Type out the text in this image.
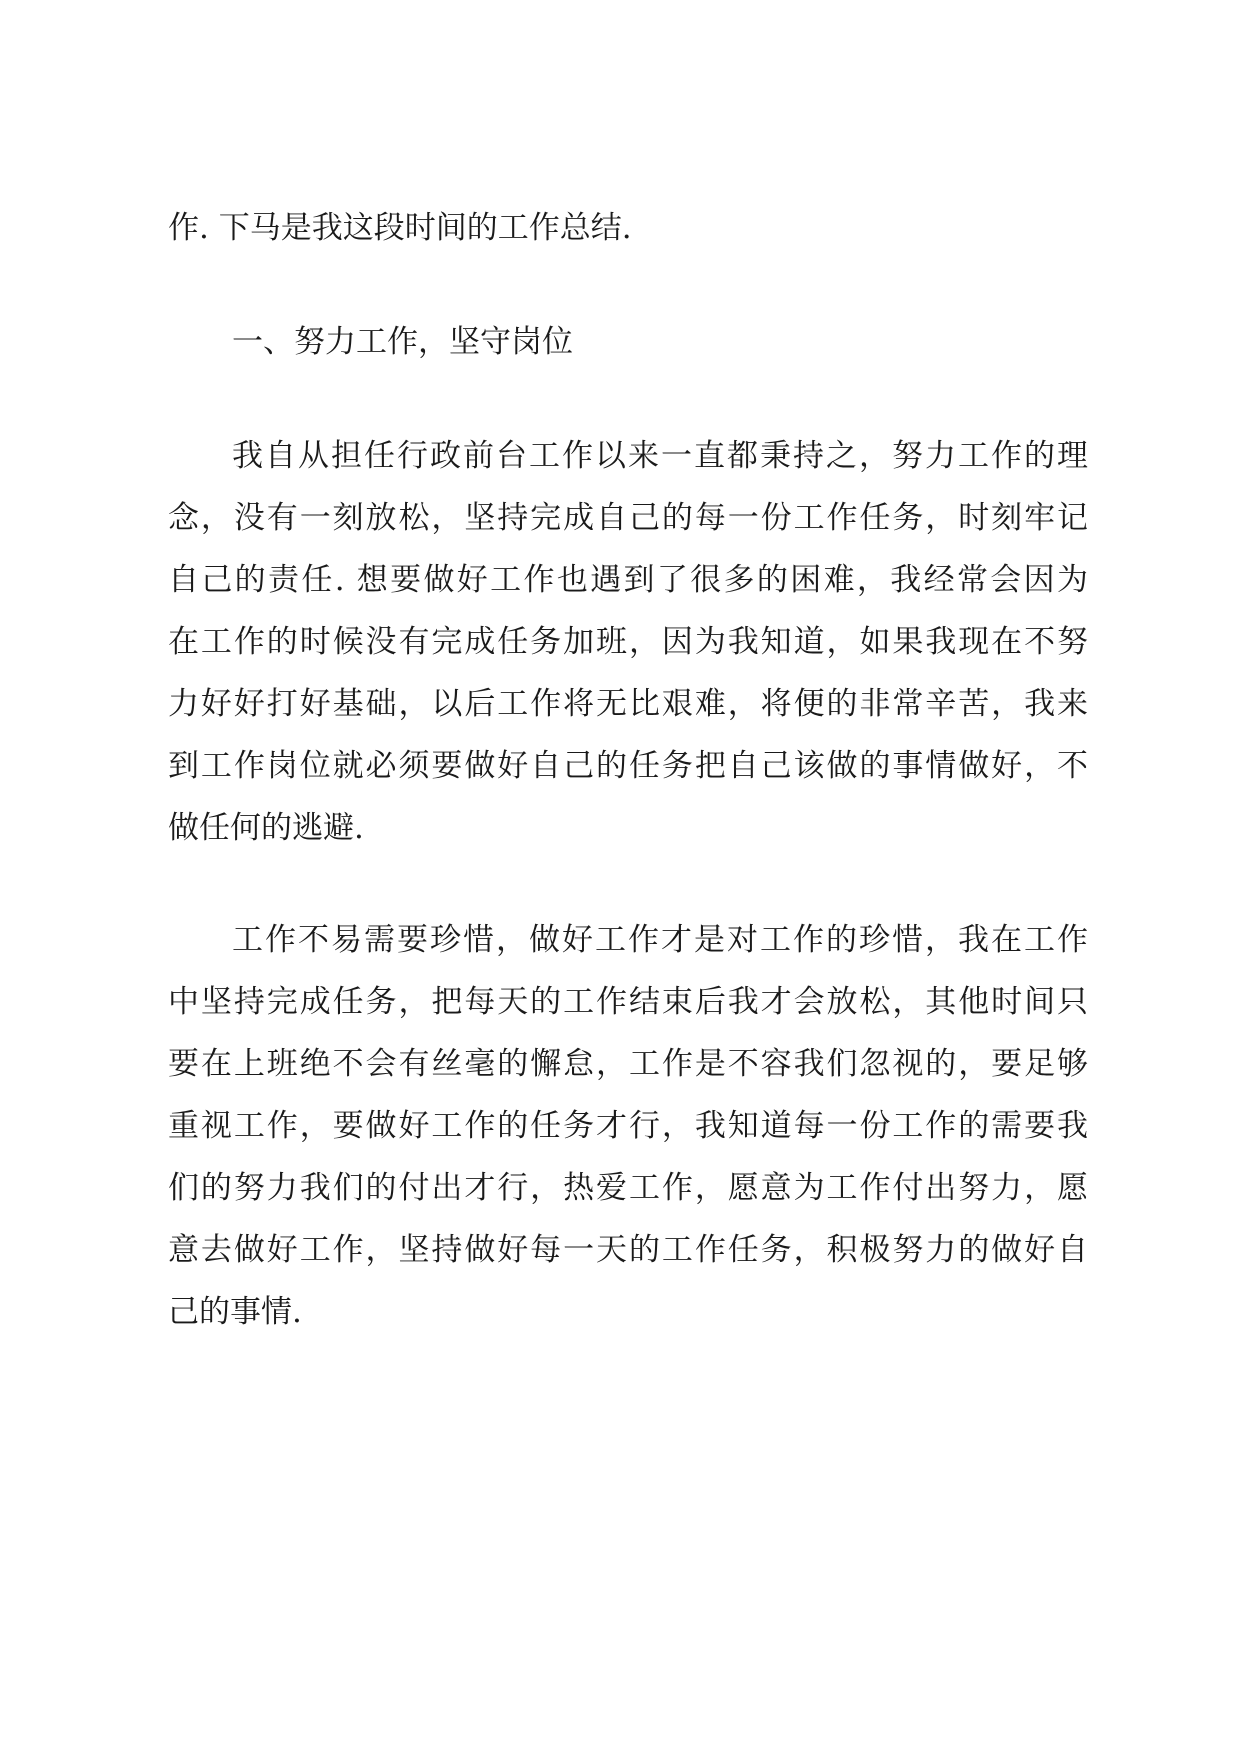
作. 下马是我这段时间的工作总结.

一、努力工作，坚守岗位

我自从担任行政前台工作以来一直都秉持之，努力工作的理

念，没有一刻放松，坚持完成自己的每一份工作任务，时刻牢记

自己的责任. 想要做好工作也遇到了很多的困难，我经常会因为

在工作的时候没有完成任务加班，因为我知道，如果我现在不努

力好好打好基础，以后工作将无比艰难，将便的非常辛苦，我来

到工作岗位就必须要做好自己的任务把自己该做的事情做好，不

做任何的逃避.

工作不易需要珍惜，做好工作才是对工作的珍惜，我在工作

中坚持完成任务，把每天的工作结束后我才会放松，其他时间只

要在上班绝不会有丝毫的懈怠，工作是不容我们忽视的，要足够

重视工作，要做好工作的任务才行，我知道每一份工作的需要我

们的努力我们的付出才行，热爱工作，愿意为工作付出努力，愿

意去做好工作，坚持做好每一天的工作任务，积极努力的做好自

己的事情.
